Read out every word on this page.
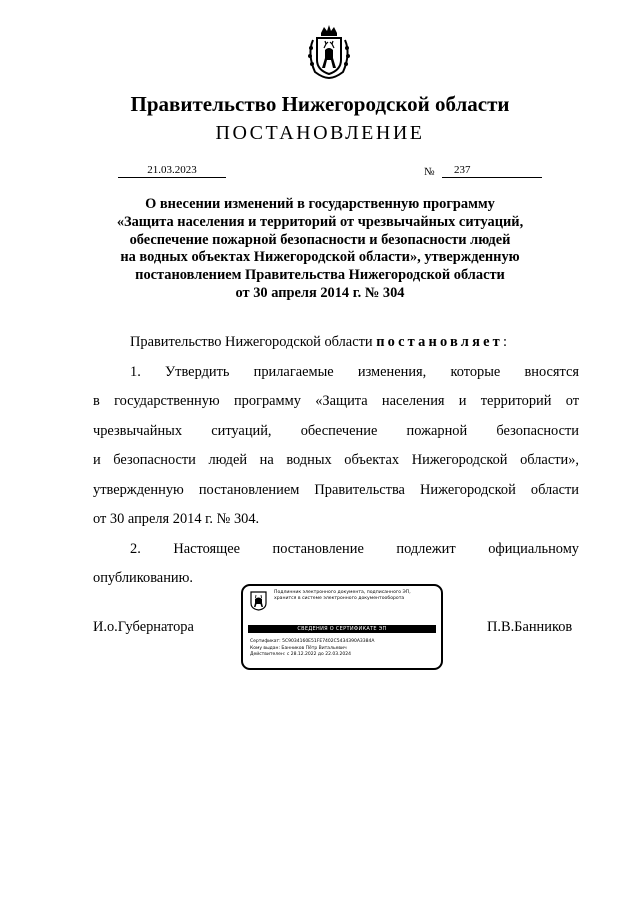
Правительство Нижегородской области
ПОСТАНОВЛЕНИЕ
21.03.2023	№	237
О внесении изменений в государственную программу
«Защита населения и территорий от чрезвычайных ситуаций,
обеспечение пожарной безопасности и безопасности людей
на водных объектах Нижегородской области», утвержденную
постановлением Правительства Нижегородской области
от 30 апреля 2014 г. № 304
Правительство Нижегородской области постановляет:
1. Утвердить прилагаемые изменения, которые вносятся
в государственную программу «Защита населения и территорий от
чрезвычайных ситуаций, обеспечение пожарной безопасности
и безопасности людей на водных объектах Нижегородской области»,
утвержденную постановлением Правительства Нижегородской области
от 30 апреля 2014 г. № 304.
2. Настоящее постановление подлежит официальному
опубликованию.
И.о.Губернатора	П.В.Банников
Подлинник электронного документа, подписанного ЭП,
хранится в системе электронного документооборота
СВЕДЕНИЯ О СЕРТИФИКАТЕ ЭП
Сертификат: 5C9034160E51FE7402C5434390A3384A
Кому выдан: Банников Пётр Витальевич
Действителен: с 28.12.2022 до 22.03.2024
